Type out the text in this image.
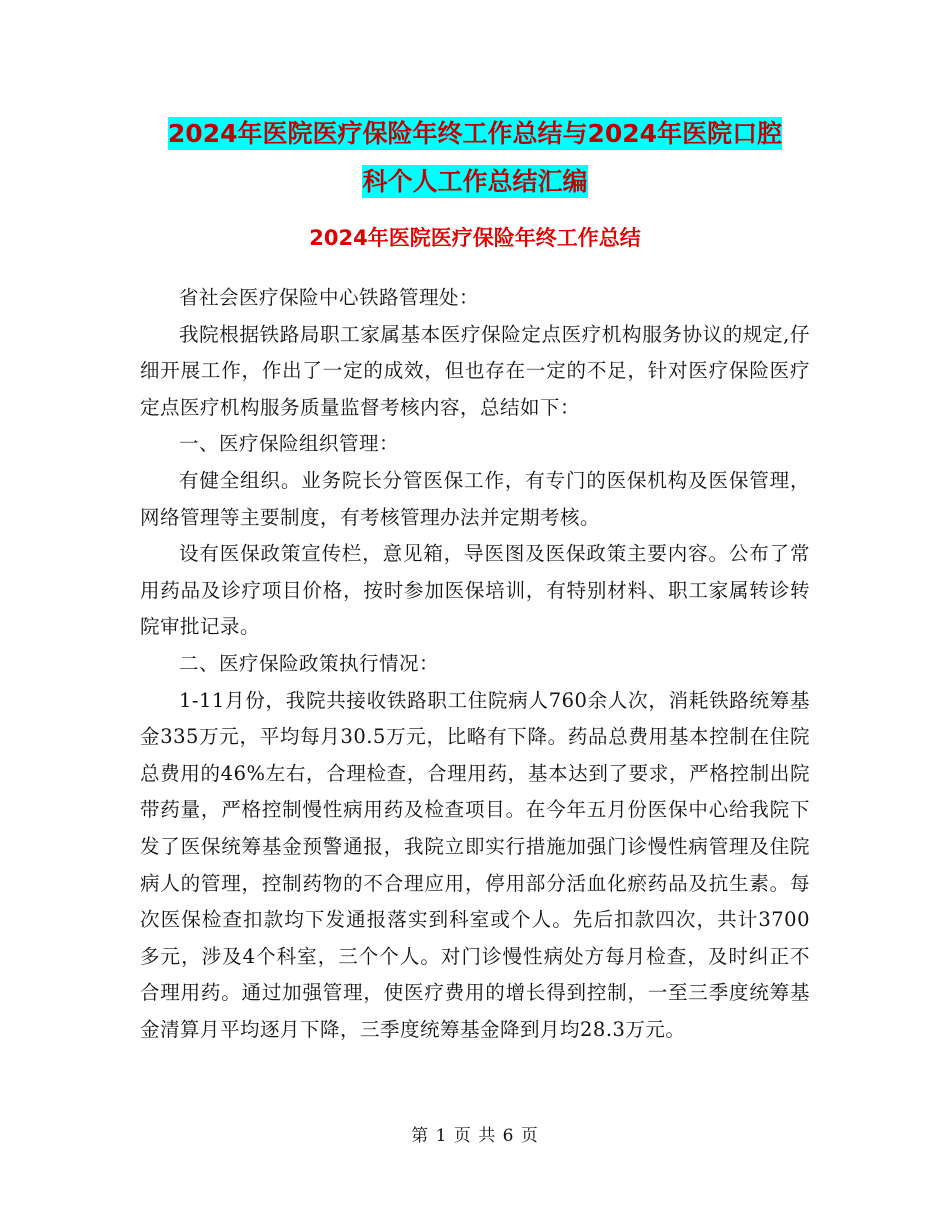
2024年医院医疗保险年终工作总结与2024年医院口腔
科个人工作总结汇编
2024年医院医疗保险年终工作总结

省社会医疗保险中心铁路管理处：

我院根据铁路局职工家属基本医疗保险定点医疗机构服务协议的规定,仔细开展工作，作出了一定的成效，但也存在一定的不足，针对医疗保险医疗定点医疗机构服务质量监督考核内容，总结如下：

一、医疗保险组织管理：

有健全组织。业务院长分管医保工作，有专门的医保机构及医保管理，网络管理等主要制度，有考核管理办法并定期考核。

设有医保政策宣传栏，意见箱，导医图及医保政策主要内容。公布了常用药品及诊疗项目价格，按时参加医保培训，有特别材料、职工家属转诊转院审批记录。

二、医疗保险政策执行情况：

1-11月份，我院共接收铁路职工住院病人760余人次，消耗铁路统筹基金335万元，平均每月30.5万元，比略有下降。药品总费用基本控制在住院总费用的46%左右，合理检查，合理用药，基本达到了要求，严格控制出院带药量，严格控制慢性病用药及检查项目。在今年五月份医保中心给我院下发了医保统筹基金预警通报，我院立即实行措施加强门诊慢性病管理及住院病人的管理，控制药物的不合理应用，停用部分活血化瘀药品及抗生素。每次医保检查扣款均下发通报落实到科室或个人。先后扣款四次，共计3700多元，涉及4个科室，三个个人。对门诊慢性病处方每月检查，及时纠正不合理用药。通过加强管理，使医疗费用的增长得到控制，一至三季度统筹基金清算月平均逐月下降，三季度统筹基金降到月均28.3万元。

第 1 页 共 6 页
